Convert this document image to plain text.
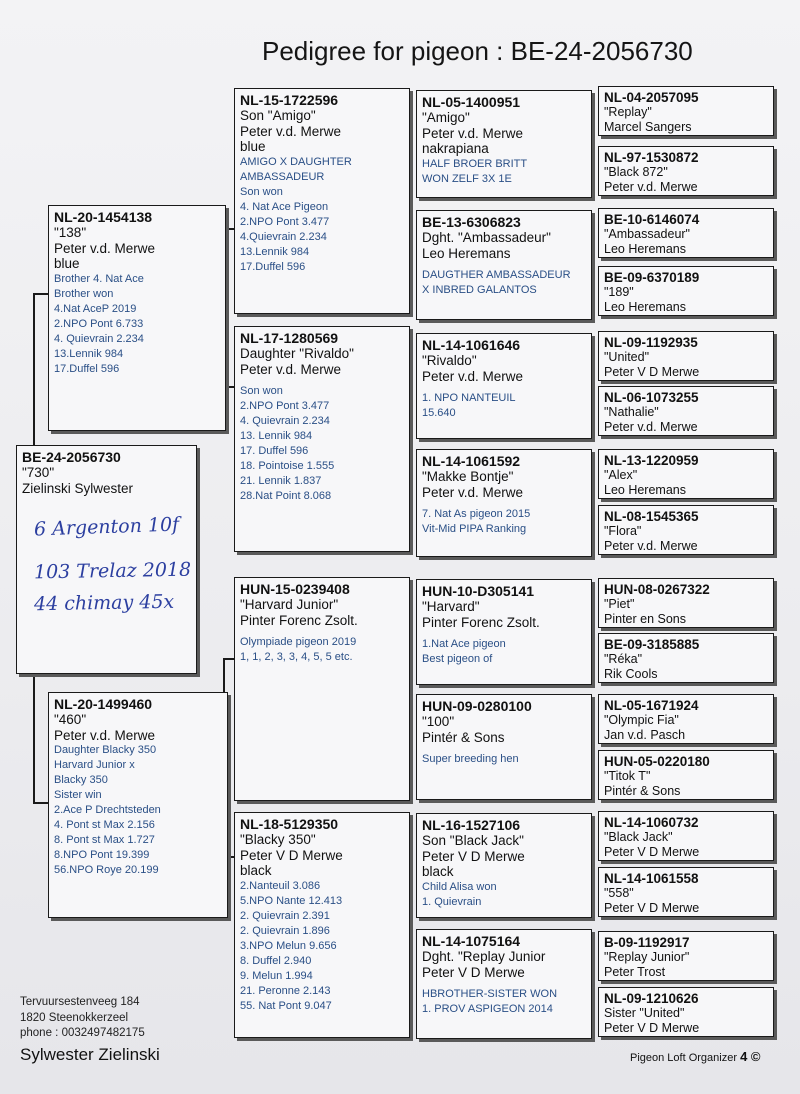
Pedigree for pigeon : BE-24-2056730
BE-24-2056730
"730"
Zielinski Sylwester
NL-20-1454138
"138"
Peter v.d. Merwe
blue
Brother 4. Nat Ace
Brother won
4.Nat AceP 2019
2.NPO Pont 6.733
4. Quievrain 2.234
13.Lennik 984
17.Duffel 596
NL-20-1499460
"460"
Peter v.d. Merwe
Daughter Blacky 350
Harvard Junior x
Blacky 350
Sister win
2.Ace P Drechtsteden
4. Pont st Max 2.156
8. Pont st Max 1.727
8.NPO Pont 19.399
56.NPO Roye 20.199
NL-15-1722596
Son "Amigo"
Peter v.d. Merwe
blue
AMIGO X DAUGHTER
AMBASSADEUR
Son won
4. Nat Ace Pigeon
2.NPO Pont 3.477
4.Quievrain 2.234
13.Lennik 984
17.Duffel 596
NL-17-1280569
Daughter "Rivaldo"
Peter v.d. Merwe
Son won
2.NPO Pont 3.477
4. Quievrain 2.234
13. Lennik 984
17. Duffel 596
18. Pointoise 1.555
21. Lennik 1.837
28.Nat Point 8.068
HUN-15-0239408
"Harvard Junior"
Pinter Forenc Zsolt.
Olympiade pigeon 2019
1, 1, 2, 3, 3, 4, 5, 5 etc.
NL-18-5129350
"Blacky 350"
Peter V D Merwe
black
2.Nanteuil 3.086
5.NPO Nante 12.413
2. Quievrain 2.391
2. Quievrain 1.896
3.NPO Melun 9.656
8. Duffel 2.940
9. Melun 1.994
21. Peronne 2.143
55. Nat Pont 9.047
NL-05-1400951
"Amigo"
Peter v.d. Merwe
nakrapiana
HALF BROER BRITT
WON ZELF 3X 1E
BE-13-6306823
Dght. "Ambassadeur"
Leo Heremans
DAUGTHER AMBASSADEUR
X INBRED GALANTOS
NL-14-1061646
"Rivaldo"
Peter v.d. Merwe
1. NPO NANTEUIL
15.640
NL-14-1061592
"Makke Bontje"
Peter v.d. Merwe
7. Nat As pigeon 2015
Vit-Mid PIPA Ranking
HUN-10-D305141
"Harvard"
Pinter Forenc Zsolt.
1.Nat Ace pigeon
Best pigeon of
HUN-09-0280100
"100"
Pintér & Sons
Super breeding hen
NL-16-1527106
Son "Black Jack"
Peter V D Merwe
black
Child Alisa won
1. Quievrain
NL-14-1075164
Dght. "Replay Junior
Peter V D Merwe
HBROTHER-SISTER WON
1. PROV ASPIGEON 2014
NL-04-2057095
"Replay"
Marcel Sangers
NL-97-1530872
"Black 872"
Peter v.d. Merwe
BE-10-6146074
"Ambassadeur"
Leo Heremans
BE-09-6370189
"189"
Leo Heremans
NL-09-1192935
"United"
Peter V D Merwe
NL-06-1073255
"Nathalie"
Peter v.d. Merwe
NL-13-1220959
"Alex"
Leo Heremans
NL-08-1545365
"Flora"
Peter v.d. Merwe
HUN-08-0267322
"Piet"
Pinter en Sons
BE-09-3185885
"Réka"
Rik Cools
NL-05-1671924
"Olympic Fia"
Jan v.d. Pasch
HUN-05-0220180
"Titok T"
Pintér & Sons
NL-14-1060732
"Black Jack"
Peter V D Merwe
NL-14-1061558
"558"
Peter V D Merwe
B-09-1192917
"Replay Junior"
Peter Trost
NL-09-1210626
Sister "United"
Peter V D Merwe
6 Argenton 10f
103 Trelaz 2018
44 chimay 45x
Tervuursestenveeg 184
1820 Steenokkerzeel
phone : 0032497482175
Sylwester Zielinski	Pigeon Loft Organizer 4 ©
